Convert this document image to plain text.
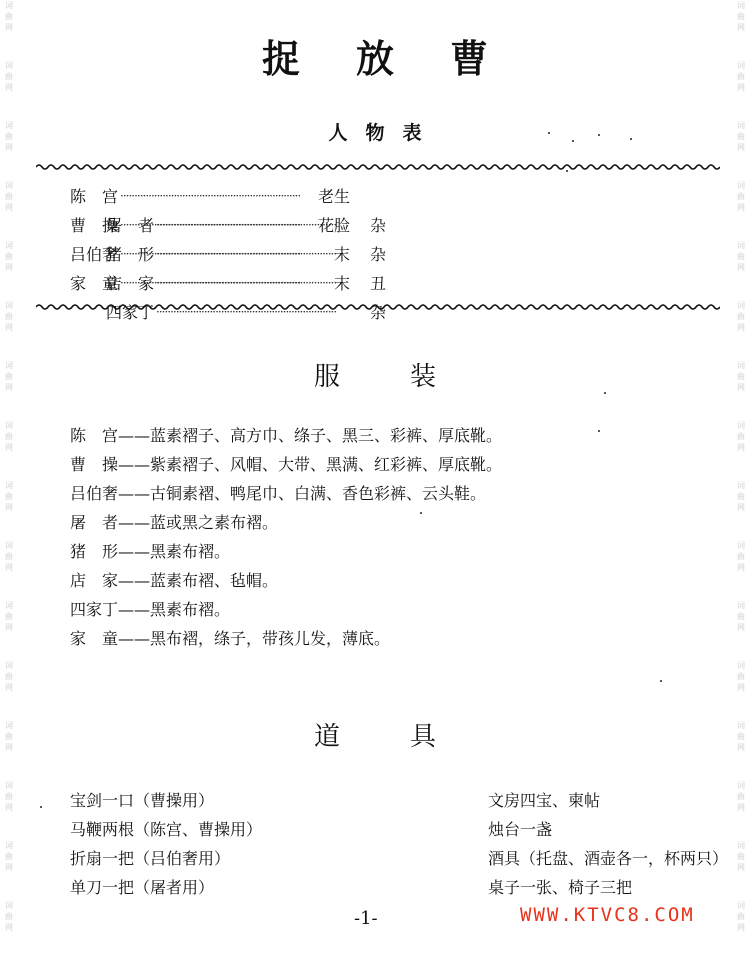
词
曲
网
词
曲
网
词
曲
网
词
曲
网
词
曲
网
词
曲
网
词
曲
网
词
曲
网
词
曲
网
词
曲
网
词
曲
网
词
曲
网
词
曲
网
词
曲
网
词
曲
网
词
曲
网
词
曲
网
词
曲
网
词
曲
网
词
曲
网
词
曲
网
词
曲
网
词
曲
网
词
曲
网
词
曲
网
词
曲
网
词
曲
网
词
曲
网
词
曲
网
词
曲
网
词
曲
网
词
曲
网
捉放曹
人物表
陈　宫 ·····	老生
屠　者 ·····	杂
曹　操 ·····	花脸
猪　形 ·····	杂
吕伯奢 ·····	末
店　家 ·····	丑
家　童 ·····	末
四家丁 ·····	杂
服装
陈　宫——蓝素褶子、高方巾、绦子、黑三、彩裤、厚底靴。
曹　操——紫素褶子、风帽、大带、黑满、红彩裤、厚底靴。
吕伯奢——古铜素褶、鸭尾巾、白满、香色彩裤、云头鞋。
屠　者——蓝或黑之素布褶。
猪　形——黑素布褶。
店　家——蓝素布褶、毡帽。
四家丁——黑素布褶。
家　童——黑布褶，绦子，带孩儿发，薄底。
道具
宝剑一口（曹操用）
马鞭两根（陈宫、曹操用）
折扇一把（吕伯奢用）
单刀一把（屠者用）
文房四宝、柬帖
烛台一盏
酒具（托盘、酒壶各一，杯两只）桌子一张、椅子三把
-1-	WWW.KTVC8.COM
